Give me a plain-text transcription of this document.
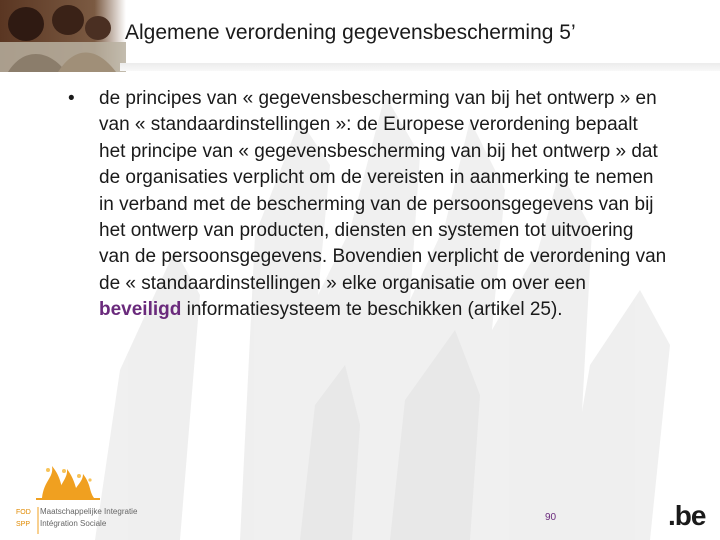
Algemene verordening gegevensbescherming 5’
•	de principes van « gegevensbescherming van bij het ontwerp » en van « standaardinstellingen »: de Europese verordening bepaalt het principe van « gegevensbescherming van bij het ontwerp » dat de organisaties verplicht om de vereisten in aanmerking te nemen in verband met de bescherming van de persoonsgegevens van bij het ontwerp van producten, diensten en systemen tot uitvoering van de persoonsgegevens. Bovendien verplicht de verordening van de « standaardinstellingen » elke organisatie om over een beveiligd informatiesysteem te beschikken (artikel 25).
FOD
SPP
Maatschappelijke Integratie
Intégration Sociale
90	.be
